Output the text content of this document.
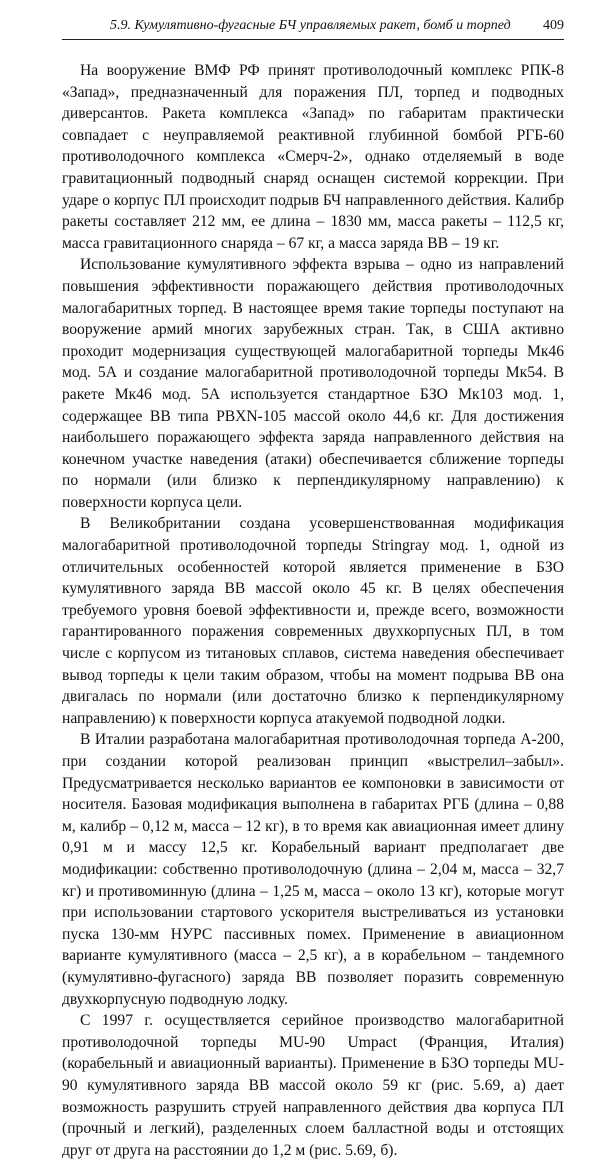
5.9. Кумулятивно-фугасные БЧ управляемых ракет, бомб и торпед 409

На вооружение ВМФ РФ принят противолодочный комплекс РПК-8 «Запад», предназначенный для поражения ПЛ, торпед и подводных диверсантов. Ракета комплекса «Запад» по габаритам практически совпадает с неуправляемой реактивной глубинной бомбой РГБ-60 противолодочного комплекса «Смерч-2», однако отделяемый в воде гравитационный подводный снаряд оснащен системой коррекции. При ударе о корпус ПЛ происходит подрыв БЧ направленного действия. Калибр ракеты составляет 212 мм, ее длина – 1830 мм, масса ракеты – 112,5 кг, масса гравитационного снаряда – 67 кг, а масса заряда ВВ – 19 кг.

Использование кумулятивного эффекта взрыва – одно из направлений повышения эффективности поражающего действия противолодочных малогабаритных торпед. В настоящее время такие торпеды поступают на вооружение армий многих зарубежных стран. Так, в США активно проходит модернизация существующей малогабаритной торпеды Мк46 мод. 5А и создание малогабаритной противолодочной торпеды Мк54. В ракете Мк46 мод. 5А используется стандартное БЗО Мк103 мод. 1, содержащее ВВ типа PBXN-105 массой около 44,6 кг. Для достижения наибольшего поражающего эффекта заряда направленного действия на конечном участке наведения (атаки) обеспечивается сближение торпеды по нормали (или близко к перпендикулярному направлению) к поверхности корпуса цели.

В Великобритании создана усовершенствованная модификация малогабаритной противолодочной торпеды Stringray мод. 1, одной из отличительных особенностей которой является применение в БЗО кумулятивного заряда ВВ массой около 45 кг. В целях обеспечения требуемого уровня боевой эффективности и, прежде всего, возможности гарантированного поражения современных двухкорпусных ПЛ, в том числе с корпусом из титановых сплавов, система наведения обеспечивает вывод торпеды к цели таким образом, чтобы на момент подрыва ВВ она двигалась по нормали (или достаточно близко к перпендикулярному направлению) к поверхности корпуса атакуемой подводной лодки.

В Италии разработана малогабаритная противолодочная торпеда А-200, при создании которой реализован принцип «выстрелил–забыл». Предусматривается несколько вариантов ее компоновки в зависимости от носителя. Базовая модификация выполнена в габаритах РГБ (длина – 0,88 м, калибр – 0,12 м, масса – 12 кг), в то время как авиационная имеет длину 0,91 м и массу 12,5 кг. Корабельный вариант предполагает две модификации: собственно противолодочную (длина – 2,04 м, масса – 32,7 кг) и противоминную (длина – 1,25 м, масса – около 13 кг), которые могут при использовании стартового ускорителя выстреливаться из установки пуска 130-мм НУРС пассивных помех. Применение в авиационном варианте кумулятивного (масса – 2,5 кг), а в корабельном – тандемного (кумулятивно-фугасного) заряда ВВ позволяет поразить современную двухкорпусную подводную лодку.

С 1997 г. осуществляется серийное производство малогабаритной противолодочной торпеды MU-90 Umpact (Франция, Италия) (корабельный и авиационный варианты). Применение в БЗО торпеды MU-90 кумулятивного заряда ВВ массой около 59 кг (рис. 5.69, а) дает возможность разрушить струей направленного действия два корпуса ПЛ (прочный и легкий), разделенных слоем балластной воды и отстоящих друг от друга на расстоянии до 1,2 м (рис. 5.69, б).
